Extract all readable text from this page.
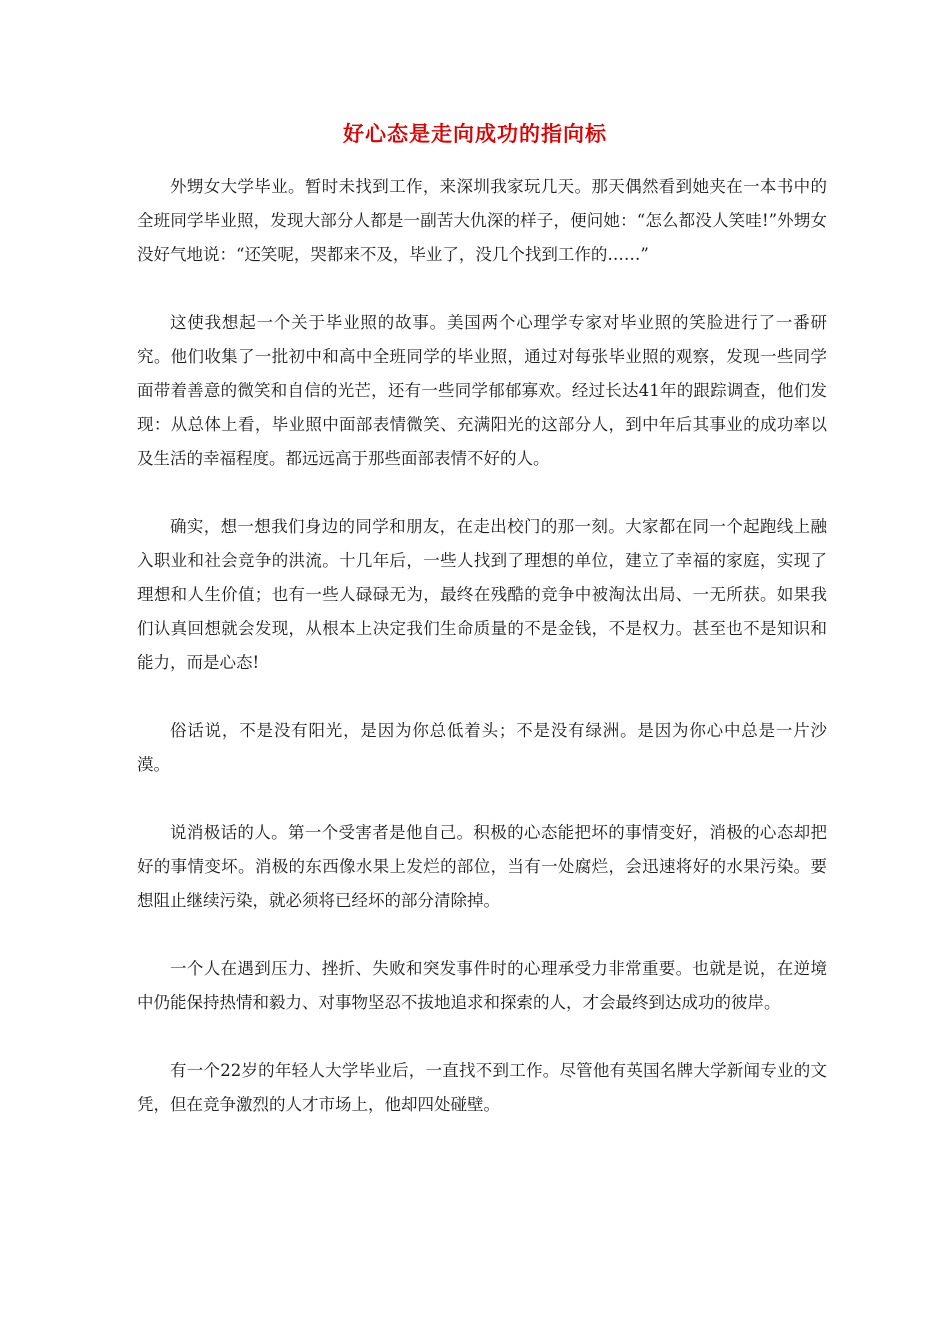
好心态是走向成功的指向标

外甥女大学毕业。暂时未找到工作，来深圳我家玩几天。那天偶然看到她夹在一本书中的全班同学毕业照，发现大部分人都是一副苦大仇深的样子，便问她：“怎么都没人笑哇!”外甥女没好气地说：“还笑呢，哭都来不及，毕业了，没几个找到工作的……”

这使我想起一个关于毕业照的故事。美国两个心理学专家对毕业照的笑脸进行了一番研究。他们收集了一批初中和高中全班同学的毕业照，通过对每张毕业照的观察，发现一些同学面带着善意的微笑和自信的光芒，还有一些同学郁郁寡欢。经过长达41年的跟踪调查，他们发现：从总体上看，毕业照中面部表情微笑、充满阳光的这部分人，到中年后其事业的成功率以及生活的幸福程度。都远远高于那些面部表情不好的人。

确实，想一想我们身边的同学和朋友，在走出校门的那一刻。大家都在同一个起跑线上融入职业和社会竞争的洪流。十几年后，一些人找到了理想的单位，建立了幸福的家庭，实现了理想和人生价值；也有一些人碌碌无为，最终在残酷的竞争中被淘汰出局、一无所获。如果我们认真回想就会发现，从根本上决定我们生命质量的不是金钱，不是权力。甚至也不是知识和能力，而是心态!

俗话说，不是没有阳光，是因为你总低着头；不是没有绿洲。是因为你心中总是一片沙漠。

说消极话的人。第一个受害者是他自己。积极的心态能把坏的事情变好，消极的心态却把好的事情变坏。消极的东西像水果上发烂的部位，当有一处腐烂，会迅速将好的水果污染。要想阻止继续污染，就必须将已经坏的部分清除掉。

一个人在遇到压力、挫折、失败和突发事件时的心理承受力非常重要。也就是说，在逆境中仍能保持热情和毅力、对事物坚忍不拔地追求和探索的人，才会最终到达成功的彼岸。

有一个22岁的年轻人大学毕业后，一直找不到工作。尽管他有英国名牌大学新闻专业的文凭，但在竞争激烈的人才市场上，他却四处碰壁。
